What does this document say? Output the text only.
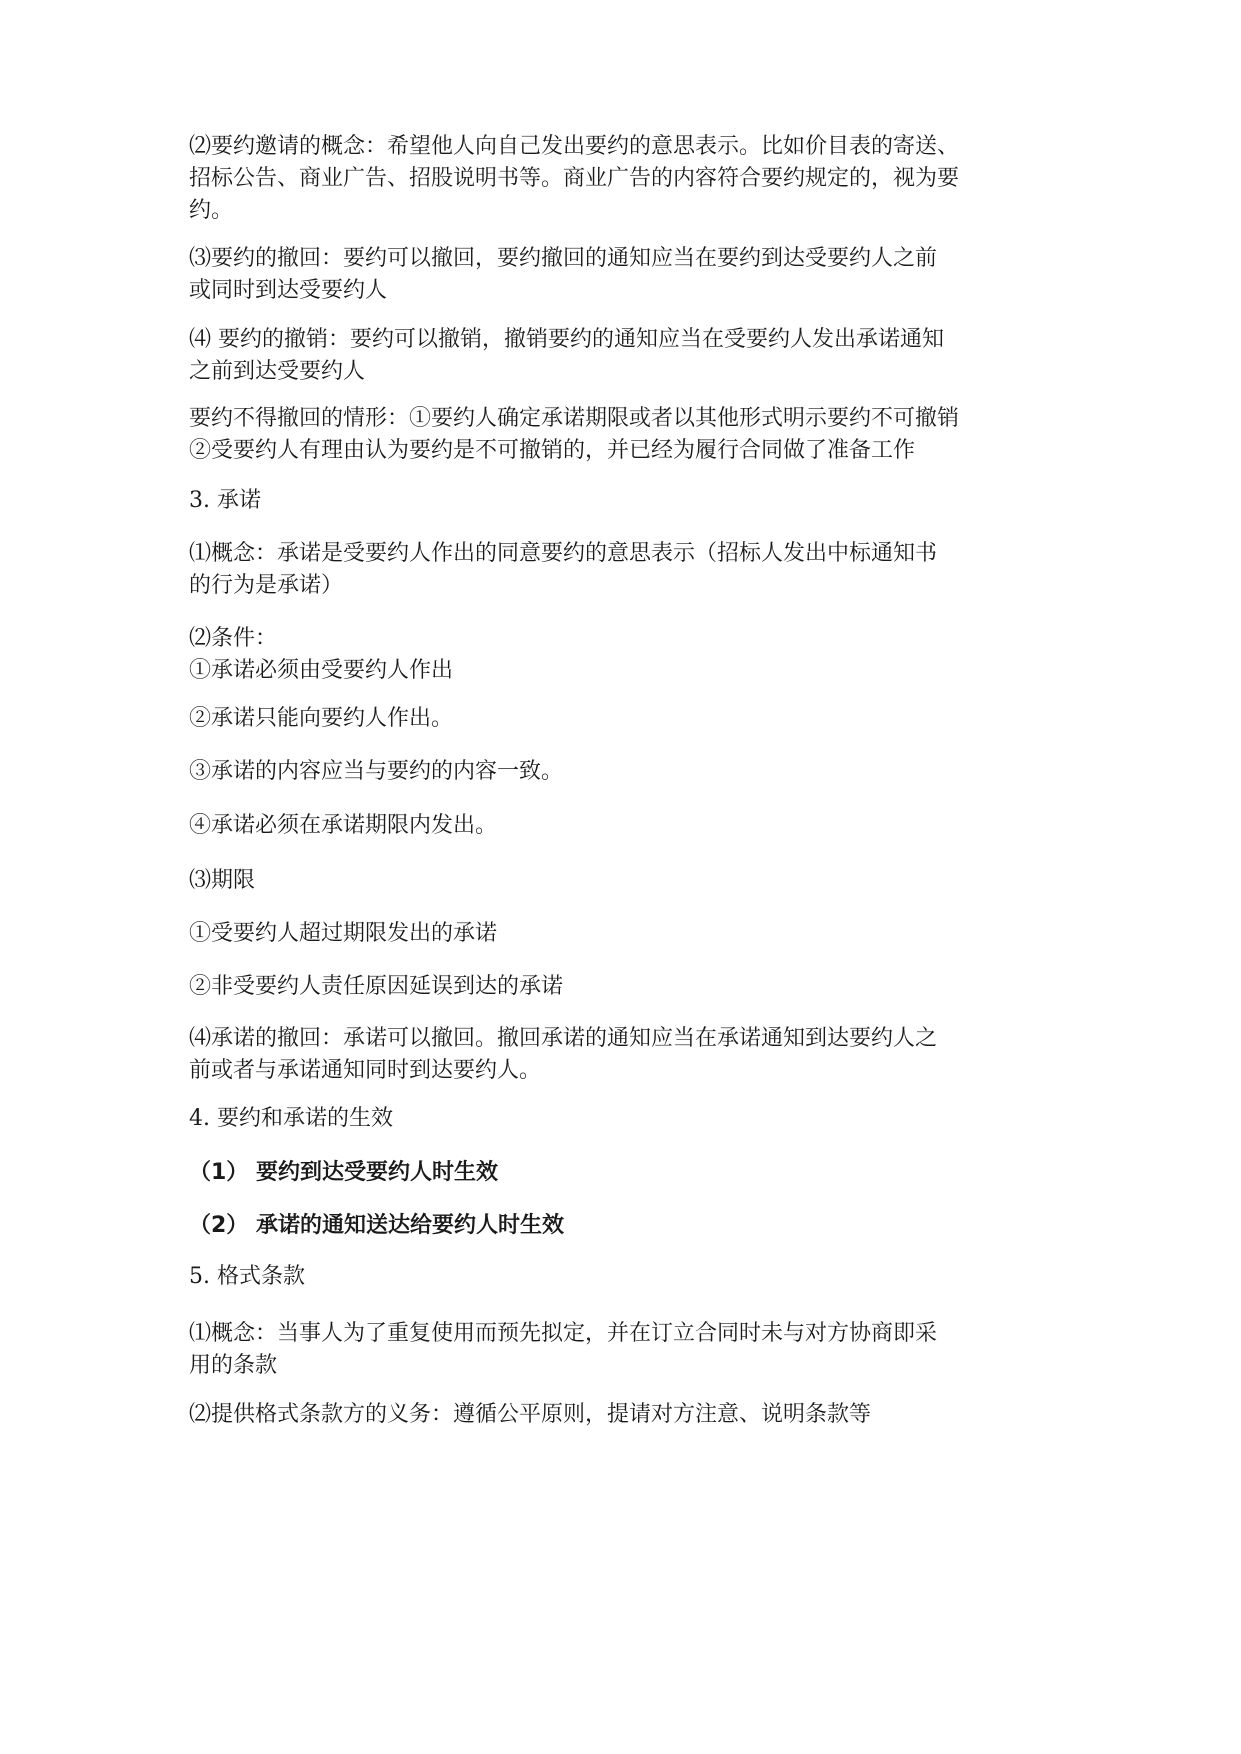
⑵要约邀请的概念：希望他人向自己发出要约的意思表示。比如价目表的寄送、
招标公告、商业广告、招股说明书等。商业广告的内容符合要约规定的，视为要
约。
⑶要约的撤回：要约可以撤回，要约撤回的通知应当在要约到达受要约人之前
或同时到达受要约人
⑷ 要约的撤销：要约可以撤销，撤销要约的通知应当在受要约人发出承诺通知
之前到达受要约人
要约不得撤回的情形：①要约人确定承诺期限或者以其他形式明示要约不可撤销
②受要约人有理由认为要约是不可撤销的，并已经为履行合同做了准备工作
3. 承诺
⑴概念：承诺是受要约人作出的同意要约的意思表示（招标人发出中标通知书
的行为是承诺）
⑵条件：
①承诺必须由受要约人作出
②承诺只能向要约人作出。
③承诺的内容应当与要约的内容一致。
④承诺必须在承诺期限内发出。
⑶期限
①受要约人超过期限发出的承诺
②非受要约人责任原因延误到达的承诺
⑷承诺的撤回：承诺可以撤回。撤回承诺的通知应当在承诺通知到达要约人之
前或者与承诺通知同时到达要约人。
4. 要约和承诺的生效
（1） 要约到达受要约人时生效
（2） 承诺的通知送达给要约人时生效
5. 格式条款
⑴概念：当事人为了重复使用而预先拟定，并在订立合同时未与对方协商即采
用的条款
⑵提供格式条款方的义务：遵循公平原则，提请对方注意、说明条款等
